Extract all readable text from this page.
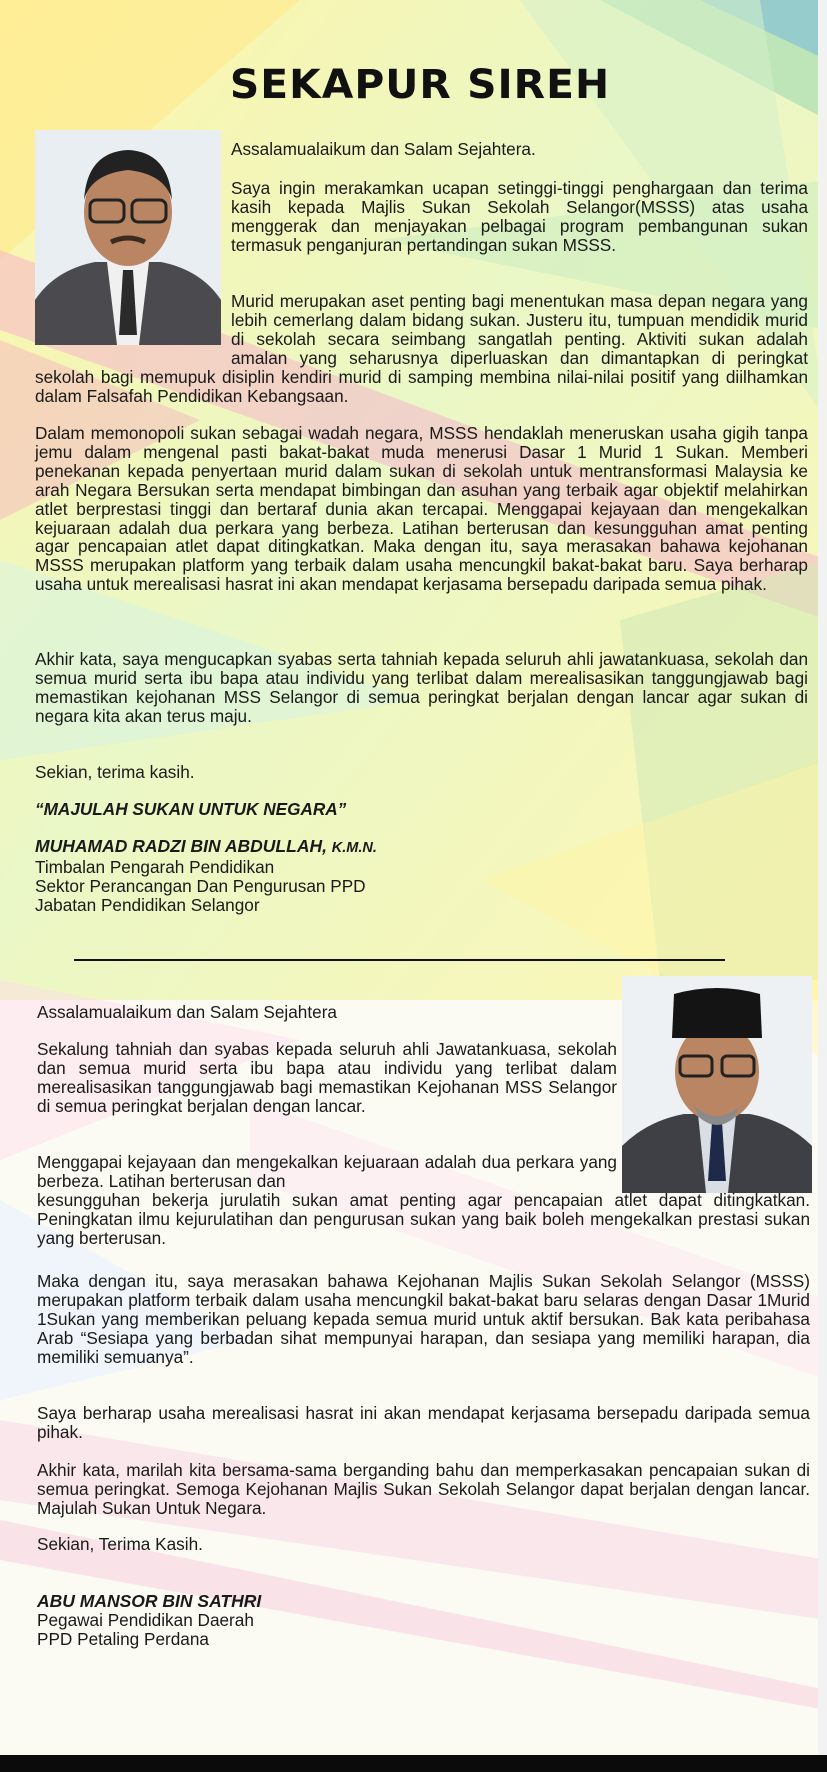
SEKAPUR SIREH

Assalamualaikum dan Salam Sejahtera.

Saya ingin merakamkan ucapan setinggi-tinggi penghargaan dan terima kasih kepada Majlis Sukan Sekolah Selangor(MSSS) atas usaha menggerak dan menjayakan pelbagai program pembangunan sukan termasuk penganjuran pertandingan sukan MSSS.

Murid merupakan aset penting bagi menentukan masa depan negara yang lebih cemerlang dalam bidang sukan. Justeru itu, tumpuan mendidik murid di sekolah secara seimbang sangatlah penting. Aktiviti sukan adalah amalan yang seharusnya diperluaskan dan dimantapkan di peringkat sekolah bagi memupuk disiplin kendiri murid di samping membina nilai-nilai positif yang diilhamkan dalam Falsafah Pendidikan Kebangsaan.

Dalam memonopoli sukan sebagai wadah negara, MSSS hendaklah meneruskan usaha gigih tanpa jemu dalam mengenal pasti bakat-bakat muda menerusi Dasar 1 Murid 1 Sukan. Memberi penekanan kepada penyertaan murid dalam sukan di sekolah untuk mentransformasi Malaysia ke arah Negara Bersukan serta mendapat bimbingan dan asuhan yang terbaik agar objektif melahirkan atlet berprestasi tinggi dan bertaraf dunia akan tercapai. Menggapai kejayaan dan mengekalkan kejuaraan adalah dua perkara yang berbeza. Latihan berterusan dan kesungguhan amat penting agar pencapaian atlet dapat ditingkatkan. Maka dengan itu, saya merasakan bahawa kejohanan MSSS merupakan platform yang terbaik dalam usaha mencungkil bakat-bakat baru. Saya berharap usaha untuk merealisasi hasrat ini akan mendapat kerjasama bersepadu daripada semua pihak.

Akhir kata, saya mengucapkan syabas serta tahniah kepada seluruh ahli jawatankuasa, sekolah dan semua murid serta ibu bapa atau individu yang terlibat dalam merealisasikan tanggungjawab bagi memastikan kejohanan MSS Selangor di semua peringkat berjalan dengan lancar agar sukan di negara kita akan terus maju.

Sekian, terima kasih.

“MAJULAH SUKAN UNTUK NEGARA”

MUHAMAD RADZI BIN ABDULLAH, K.M.N.

Timbalan Pengarah Pendidikan

Sektor Perancangan Dan Pengurusan PPD

Jabatan Pendidikan Selangor

Assalamualaikum dan Salam Sejahtera

Sekalung tahniah dan syabas kepada seluruh ahli Jawatankuasa, sekolah dan semua murid serta ibu bapa atau individu yang terlibat dalam merealisasikan tanggungjawab bagi memastikan Kejohanan MSS Selangor di semua peringkat berjalan dengan lancar.

Menggapai kejayaan dan mengekalkan kejuaraan adalah dua perkara yang berbeza. Latihan berterusan dan

kesungguhan bekerja jurulatih sukan amat penting agar pencapaian atlet dapat ditingkatkan. Peningkatan ilmu kejurulatihan dan pengurusan sukan yang baik boleh mengekalkan prestasi sukan yang berterusan.

Maka dengan itu, saya merasakan bahawa Kejohanan Majlis Sukan Sekolah Selangor (MSSS) merupakan platform terbaik dalam usaha mencungkil bakat-bakat baru selaras dengan Dasar 1Murid 1Sukan yang memberikan peluang kepada semua murid untuk aktif bersukan. Bak kata peribahasa Arab “Sesiapa yang berbadan sihat mempunyai harapan, dan sesiapa yang memiliki harapan, dia memiliki semuanya”.

Saya berharap usaha merealisasi hasrat ini akan mendapat kerjasama bersepadu daripada semua pihak.

Akhir kata, marilah kita bersama-sama berganding bahu dan memperkasakan pencapaian sukan di semua peringkat. Semoga Kejohanan Majlis Sukan Sekolah Selangor dapat berjalan dengan lancar. Majulah Sukan Untuk Negara.

Sekian, Terima Kasih.

ABU MANSOR BIN SATHRI

Pegawai Pendidikan Daerah

PPD Petaling Perdana
